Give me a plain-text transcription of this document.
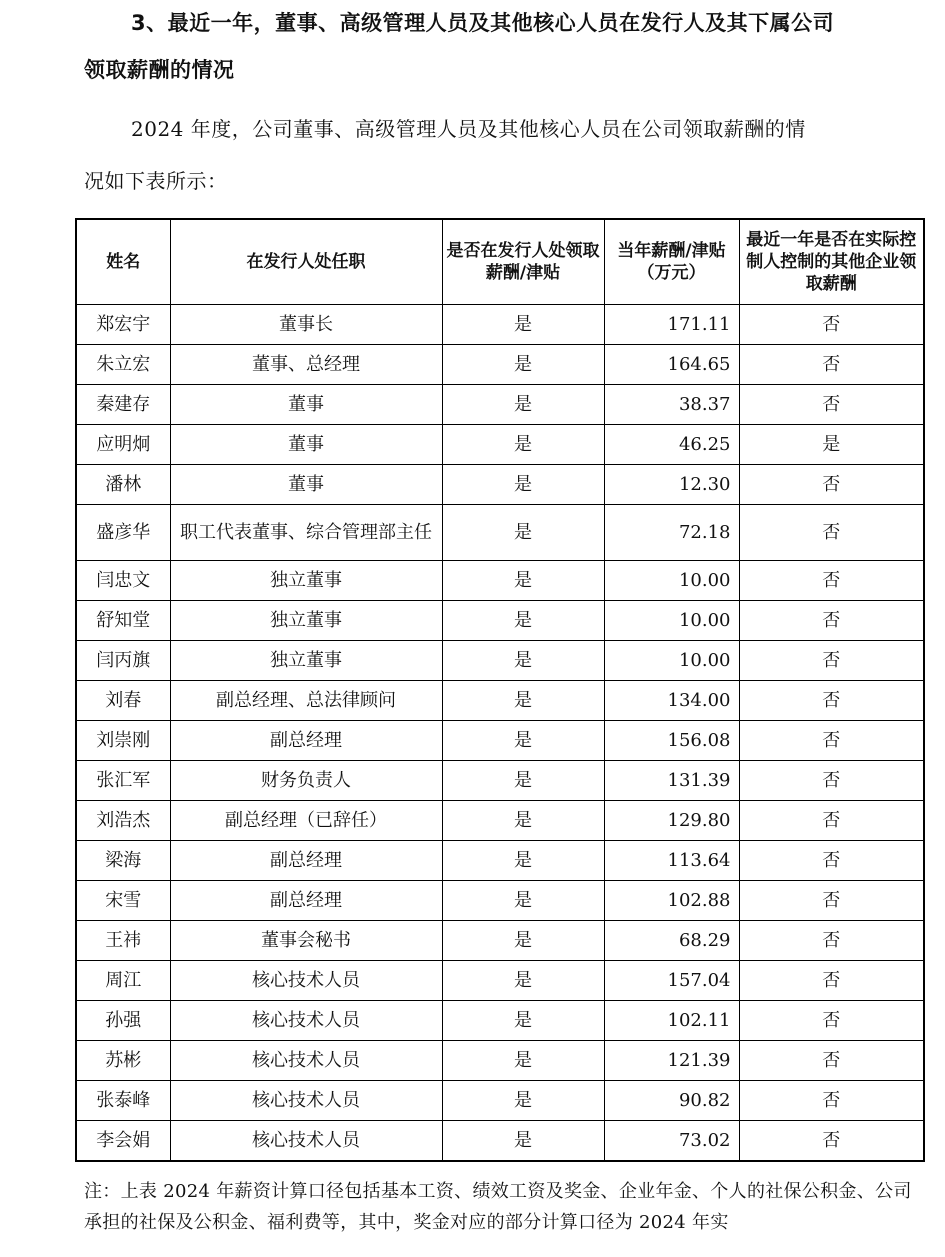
3、最近一年，董事、高级管理人员及其他核心人员在发行人及其下属公司
领取薪酬的情况
2024 年度，公司董事、高级管理人员及其他核心人员在公司领取薪酬的情
况如下表所示：
姓名	在发行人处任职	是否在发行人处领取薪酬/津贴	当年薪酬/津贴（万元）	最近一年是否在实际控制人控制的其他企业领取薪酬
郑宏宇	董事长	是	171.11	否
朱立宏	董事、总经理	是	164.65	否
秦建存	董事	是	38.37	否
应明炯	董事	是	46.25	是
潘林	董事	是	12.30	否
盛彦华	职工代表董事、综合管理部主任	是	72.18	否
闫忠文	独立董事	是	10.00	否
舒知堂	独立董事	是	10.00	否
闫丙旗	独立董事	是	10.00	否
刘春	副总经理、总法律顾问	是	134.00	否
刘崇刚	副总经理	是	156.08	否
张汇军	财务负责人	是	131.39	否
刘浩杰	副总经理（已辞任）	是	129.80	否
梁海	副总经理	是	113.64	否
宋雪	副总经理	是	102.88	否
王祎	董事会秘书	是	68.29	否
周江	核心技术人员	是	157.04	否
孙强	核心技术人员	是	102.11	否
苏彬	核心技术人员	是	121.39	否
张泰峰	核心技术人员	是	90.82	否
李会娟	核心技术人员	是	73.02	否
注：上表 2024 年薪资计算口径包括基本工资、绩效工资及奖金、企业年金、个人的社保公积金、公司承担的社保及公积金、福利费等，其中，奖金对应的部分计算口径为 2024 年实
